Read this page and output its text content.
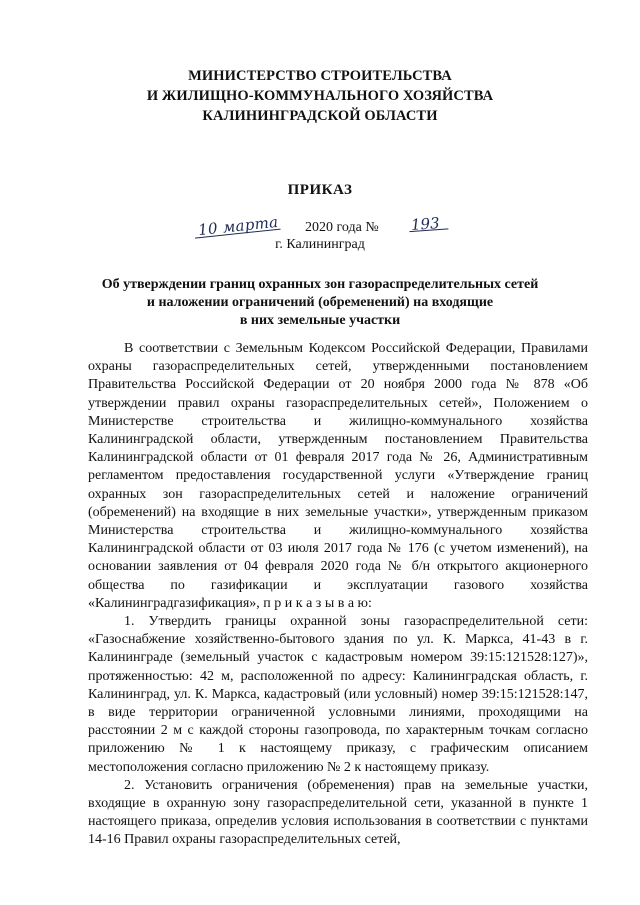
МИНИСТЕРСТВО СТРОИТЕЛЬСТВА
И ЖИЛИЩНО-КОММУНАЛЬНОГО ХОЗЯЙСТВА
КАЛИНИНГРАДСКОЙ ОБЛАСТИ
ПРИКАЗ
10 марта 2020 года № 193
г. Калининград
Об утверждении границ охранных зон газораспределительных сетей
и наложении ограничений (обременений) на входящие
в них земельные участки

В соответствии с Земельным Кодексом Российской Федерации, Правилами охраны газораспределительных сетей, утвержденными постановлением Правительства Российской Федерации от 20 ноября 2000 года № 878 «Об утверждении правил охраны газораспределительных сетей», Положением о Министерстве строительства и жилищно-коммунального хозяйства Калининградской области, утвержденным постановлением Правительства Калининградской области от 01 февраля 2017 года № 26, Административным регламентом предоставления государственной услуги «Утверждение границ охранных зон газораспределительных сетей и наложение ограничений (обременений) на входящие в них земельные участки», утвержденным приказом Министерства строительства и жилищно-коммунального хозяйства Калининградской области от 03 июля 2017 года № 176 (с учетом изменений), на основании заявления от 04 февраля 2020 года № б/н открытого акционерного общества по газификации и эксплуатации газового хозяйства «Калининградгазификация», п р и к а з ы в а ю:

1. Утвердить границы охранной зоны газораспределительной сети: «Газоснабжение хозяйственно-бытового здания по ул. К. Маркса, 41-43 в г. Калининграде (земельный участок с кадастровым номером 39:15:121528:127)», протяженностью: 42 м, расположенной по адресу: Калининградская область, г. Калининград, ул. К. Маркса, кадастровый (или условный) номер 39:15:121528:147, в виде территории ограниченной условными линиями, проходящими на расстоянии 2 м с каждой стороны газопровода, по характерным точкам согласно приложению № 1 к настоящему приказу, с графическим описанием местоположения согласно приложению № 2 к настоящему приказу.

2. Установить ограничения (обременения) прав на земельные участки, входящие в охранную зону газораспределительной сети, указанной в пункте 1 настоящего приказа, определив условия использования в соответствии с пунктами 14-16 Правил охраны газораспределительных сетей,
